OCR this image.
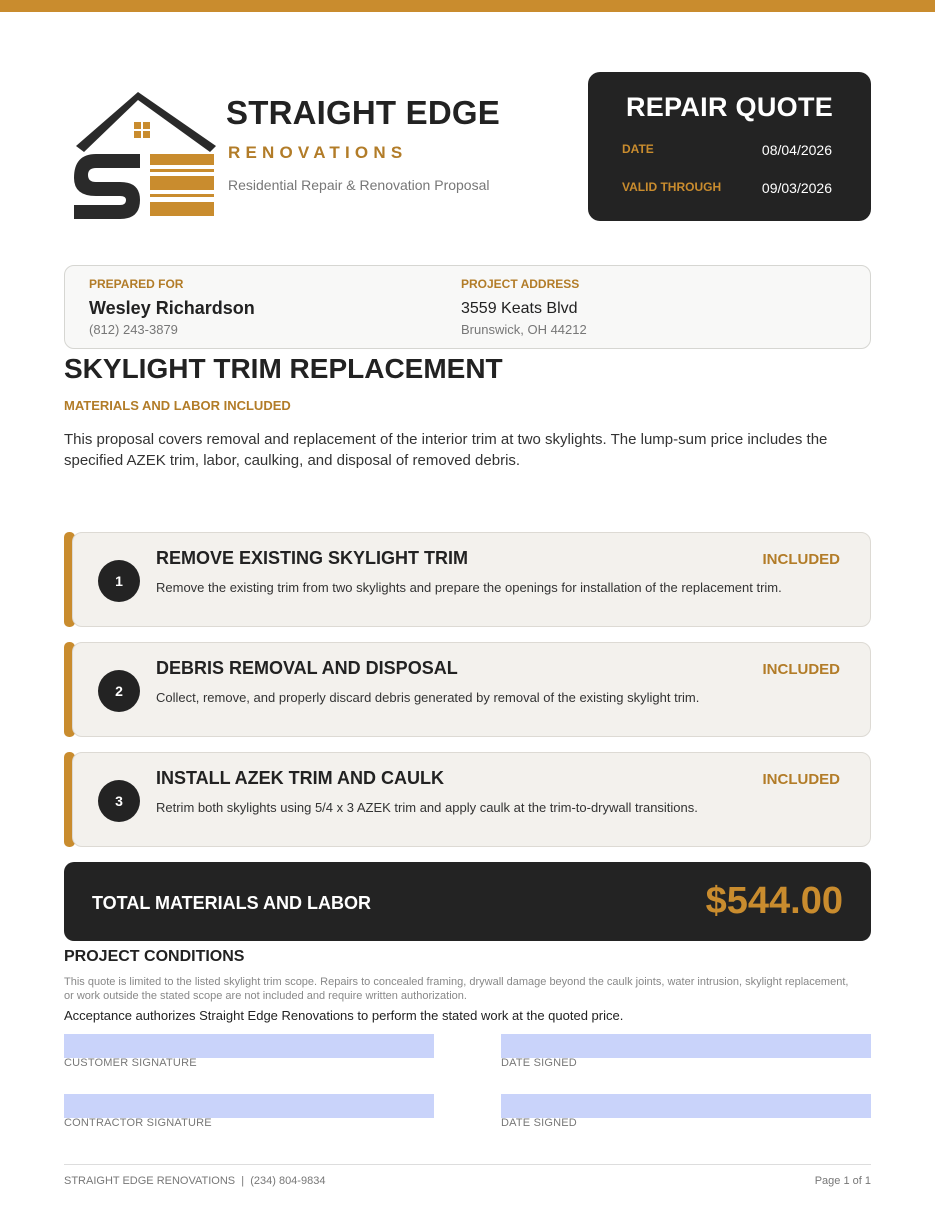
STRAIGHT EDGE
RENOVATIONS
Residential Repair & Renovation Proposal
REPAIR QUOTE
DATE	08/04/2026
VALID THROUGH	09/03/2026
PREPARED FOR
Wesley Richardson
(812) 243-3879
PROJECT ADDRESS
3559 Keats Blvd
Brunswick, OH 44212
SKYLIGHT TRIM REPLACEMENT
MATERIALS AND LABOR INCLUDED
This proposal covers removal and replacement of the interior trim at two skylights. The lump-sum price includes the specified AZEK trim, labor, caulking, and disposal of removed debris.
1
REMOVE EXISTING SKYLIGHT TRIM	INCLUDED
Remove the existing trim from two skylights and prepare the openings for installation of the replacement trim.
2
DEBRIS REMOVAL AND DISPOSAL	INCLUDED
Collect, remove, and properly discard debris generated by removal of the existing skylight trim.
3
INSTALL AZEK TRIM AND CAULK	INCLUDED
Retrim both skylights using 5/4 x 3 AZEK trim and apply caulk at the trim-to-drywall transitions.
TOTAL MATERIALS AND LABOR	$544.00
PROJECT CONDITIONS
This quote is limited to the listed skylight trim scope. Repairs to concealed framing, drywall damage beyond the caulk joints, water intrusion, skylight replacement, or work outside the stated scope are not included and require written authorization.
Acceptance authorizes Straight Edge Renovations to perform the stated work at the quoted price.
CUSTOMER SIGNATURE	DATE SIGNED
CONTRACTOR SIGNATURE	DATE SIGNED
STRAIGHT EDGE RENOVATIONS  |  (234) 804-9834	Page 1 of 1
